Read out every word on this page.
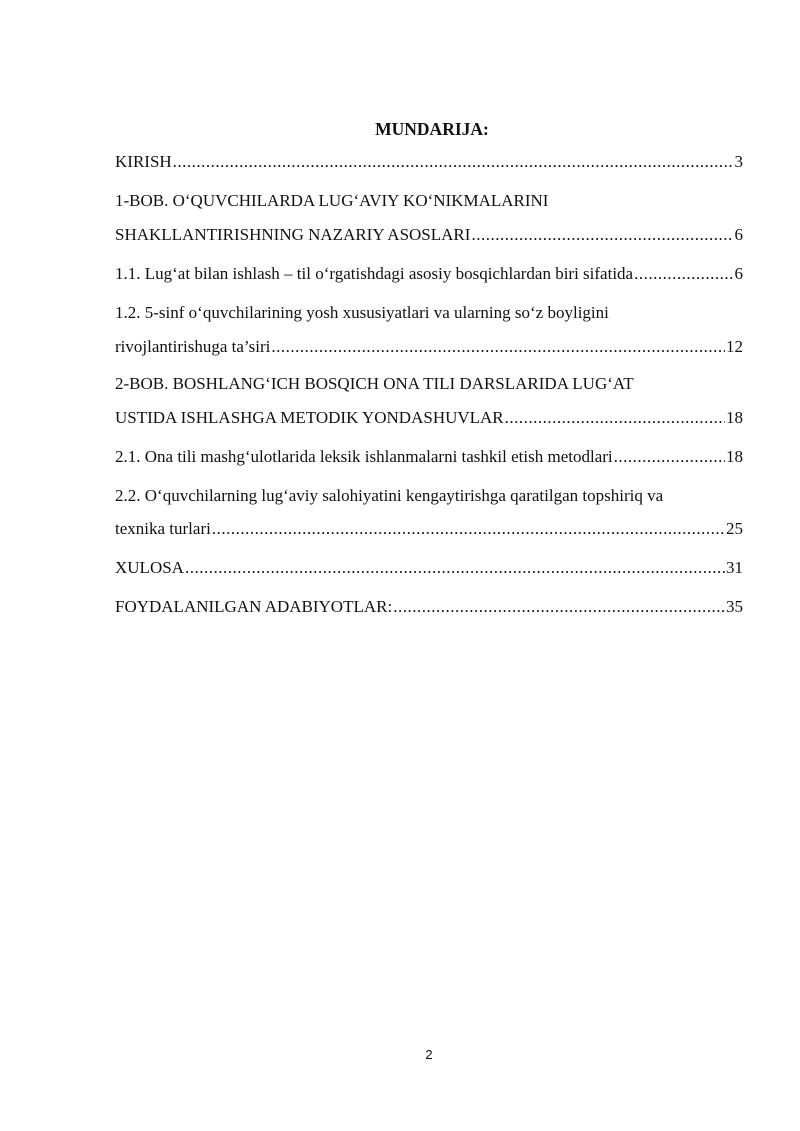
MUNDARIJA:
KIRISH .....	3
1-BOB. O‘QUVCHILARDA LUG‘AVIY KO‘NIKMALARINI
SHAKLLANTIRISHNING NAZARIY ASOSLARI .....	6
1.1. Lug‘at bilan ishlash – til o‘rgatishdagi asosiy bosqichlardan biri sifatida .....	6
1.2. 5-sinf o‘quvchilarining yosh xususiyatlari va ularning so‘z boyligini
rivojlantirishuga ta’siri .....	12
2-BOB. BOSHLANG‘ICH BOSQICH ONA TILI DARSLARIDA LUG‘AT
USTIDA ISHLASHGA METODIK YONDASHUVLAR .....	18
2.1. Ona tili mashg‘ulotlarida leksik ishlanmalarni tashkil etish metodlari .....	18
2.2. O‘quvchilarning lug‘aviy salohiyatini kengaytirishga qaratilgan topshiriq va
texnika turlari .....	25
XULOSA .....	31
FOYDALANILGAN ADABIYOTLAR: .....	35
2
